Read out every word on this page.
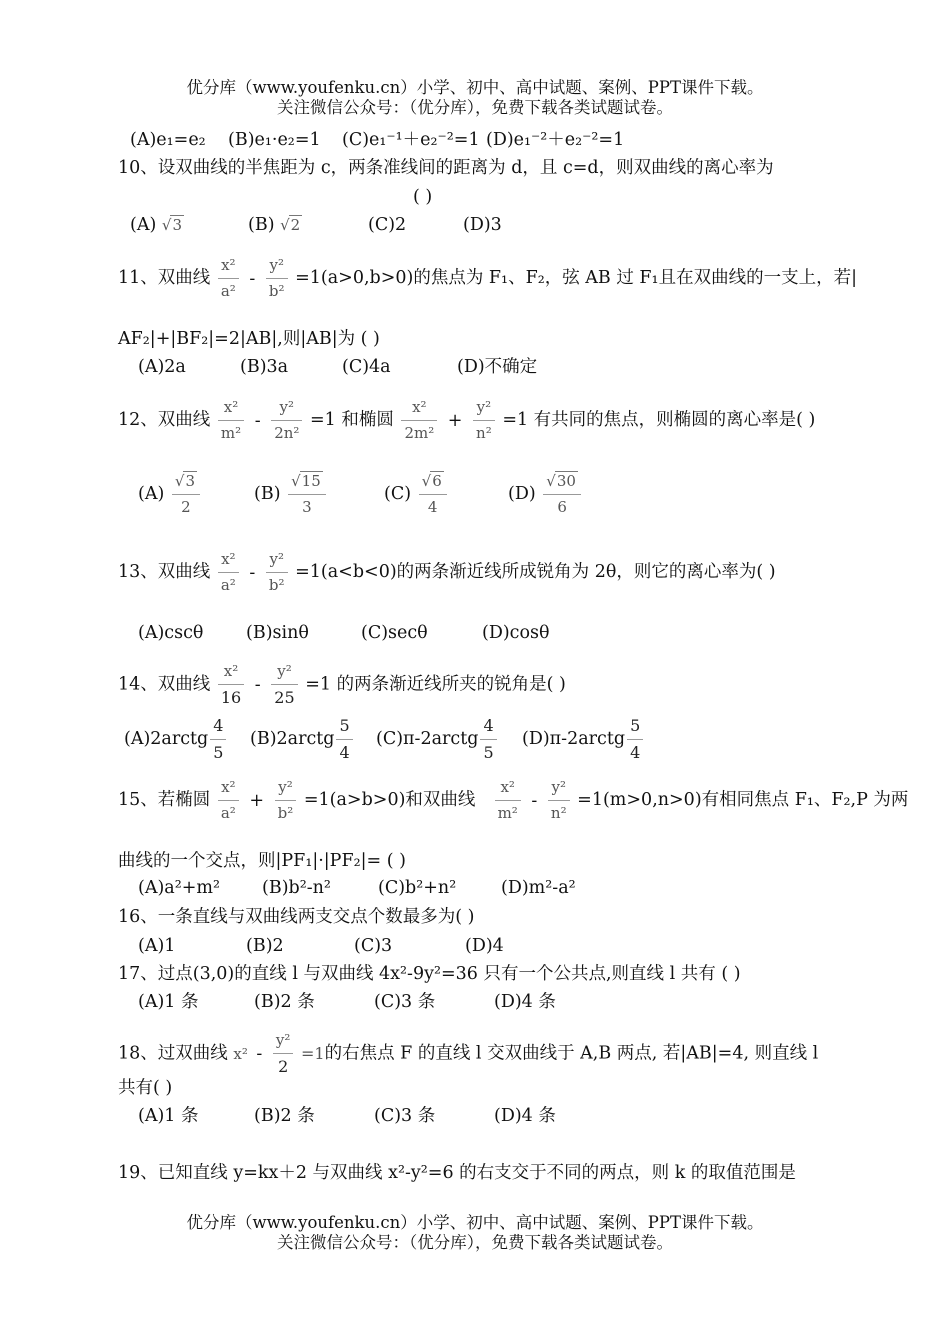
优分库（www.youfenku.cn）小学、初中、高中试题、案例、PPT课件下载。
关注微信公众号：（优分库），免费下载各类试题试卷。
(A)e₁=e₂ (B)e₁·e₂=1 (C)e₁⁻¹＋e₂⁻²=1 (D)e₁⁻²＋e₂⁻²=1
10、设双曲线的半焦距为 c，两条准线间的距离为 d，且 c=d，则双曲线的离心率为
( )
(A) √3	(B) √2	(C)2	(D)3
11、双曲线 $\frac{\text{x²}}{\text{a²}} - \frac{\text{y²}}{\text{b²}} =1(a>0,b>0)$的焦点为 F₁、F₂，弦 AB 过 F₁且在双曲线的一支上，若|
AF₂|+|BF₂|=2|AB|,则|AB|为 ( )
(A)2a	(B)3a	(C)4a	(D)不确定
12、双曲线 $\frac{\text{x²}}{\text{m²}} - \frac{\text{y²}}{\text{2n²}} =1$ 和椭圆 $\frac{\text{x²}}{\text{2m²}} + \frac{\text{y²}}{\text{n²}} =1$ 有共同的焦点，则椭圆的离心率是( )
$(A) \frac{√3}{2}$	$(B) \frac{√15}{3}$	$(C) \frac{√6}{4}$	$(D) \frac{√30}{6}$
13、双曲线 $\frac{\text{x²}}{\text{a²}} - \frac{\text{y²}}{\text{b²}} =1(a<b<0)$的两条渐近线所成锐角为 2θ，则它的离心率为( )
(A)cscθ (B)sinθ	(C)secθ	(D)cosθ
14、双曲线 $\frac{\text{x²}}{16} - \frac{\text{y²}}{25} =1$ 的两条渐近线所夹的锐角是( )
(A)2arctg $\frac{4}{5}$ (B)2arctg $\frac{5}{4}$ (C)π-2arctg $\frac{4}{5}$ (D)π-2arctg $\frac{5}{4}$
15、若椭圆 $\frac{\text{x²}}{\text{a²}} + \frac{\text{y²}}{\text{b²}} =1(a>b>0)$和双曲线 $\frac{\text{x²}}{\text{m²}} - \frac{\text{y²}}{\text{n²}} =1(m>0,n>0)$有相同焦点 F₁、F₂,P 为两
曲线的一个交点，则|PF₁|·|PF₂|= ( )
(A)a²+m² (B)b²-n²	(C)b²+n²	(D)m²-a²
16、一条直线与双曲线两支交点个数最多为( )
(A)1	(B)2	(C)3	(D)4
17、过点(3,0)的直线 l 与双曲线 4x²-9y²=36 只有一个公共点,则直线 l 共有 ( )
(A)1 条	(B)2 条	(C)3 条	(D)4 条
18、过双曲线 $x^2 - \frac{\text{y²}}{2} =1$的右焦点 F 的直线 l 交双曲线于 A,B 两点, 若|AB|=4, 则直线 l
共有( )
(A)1 条	(B)2 条	(C)3 条	(D)4 条
19、已知直线 y=kx＋2 与双曲线 x²-y²=6 的右支交于不同的两点，则 k 的取值范围是
优分库（www.youfenku.cn）小学、初中、高中试题、案例、PPT课件下载。
关注微信公众号：（优分库），免费下载各类试题试卷。
